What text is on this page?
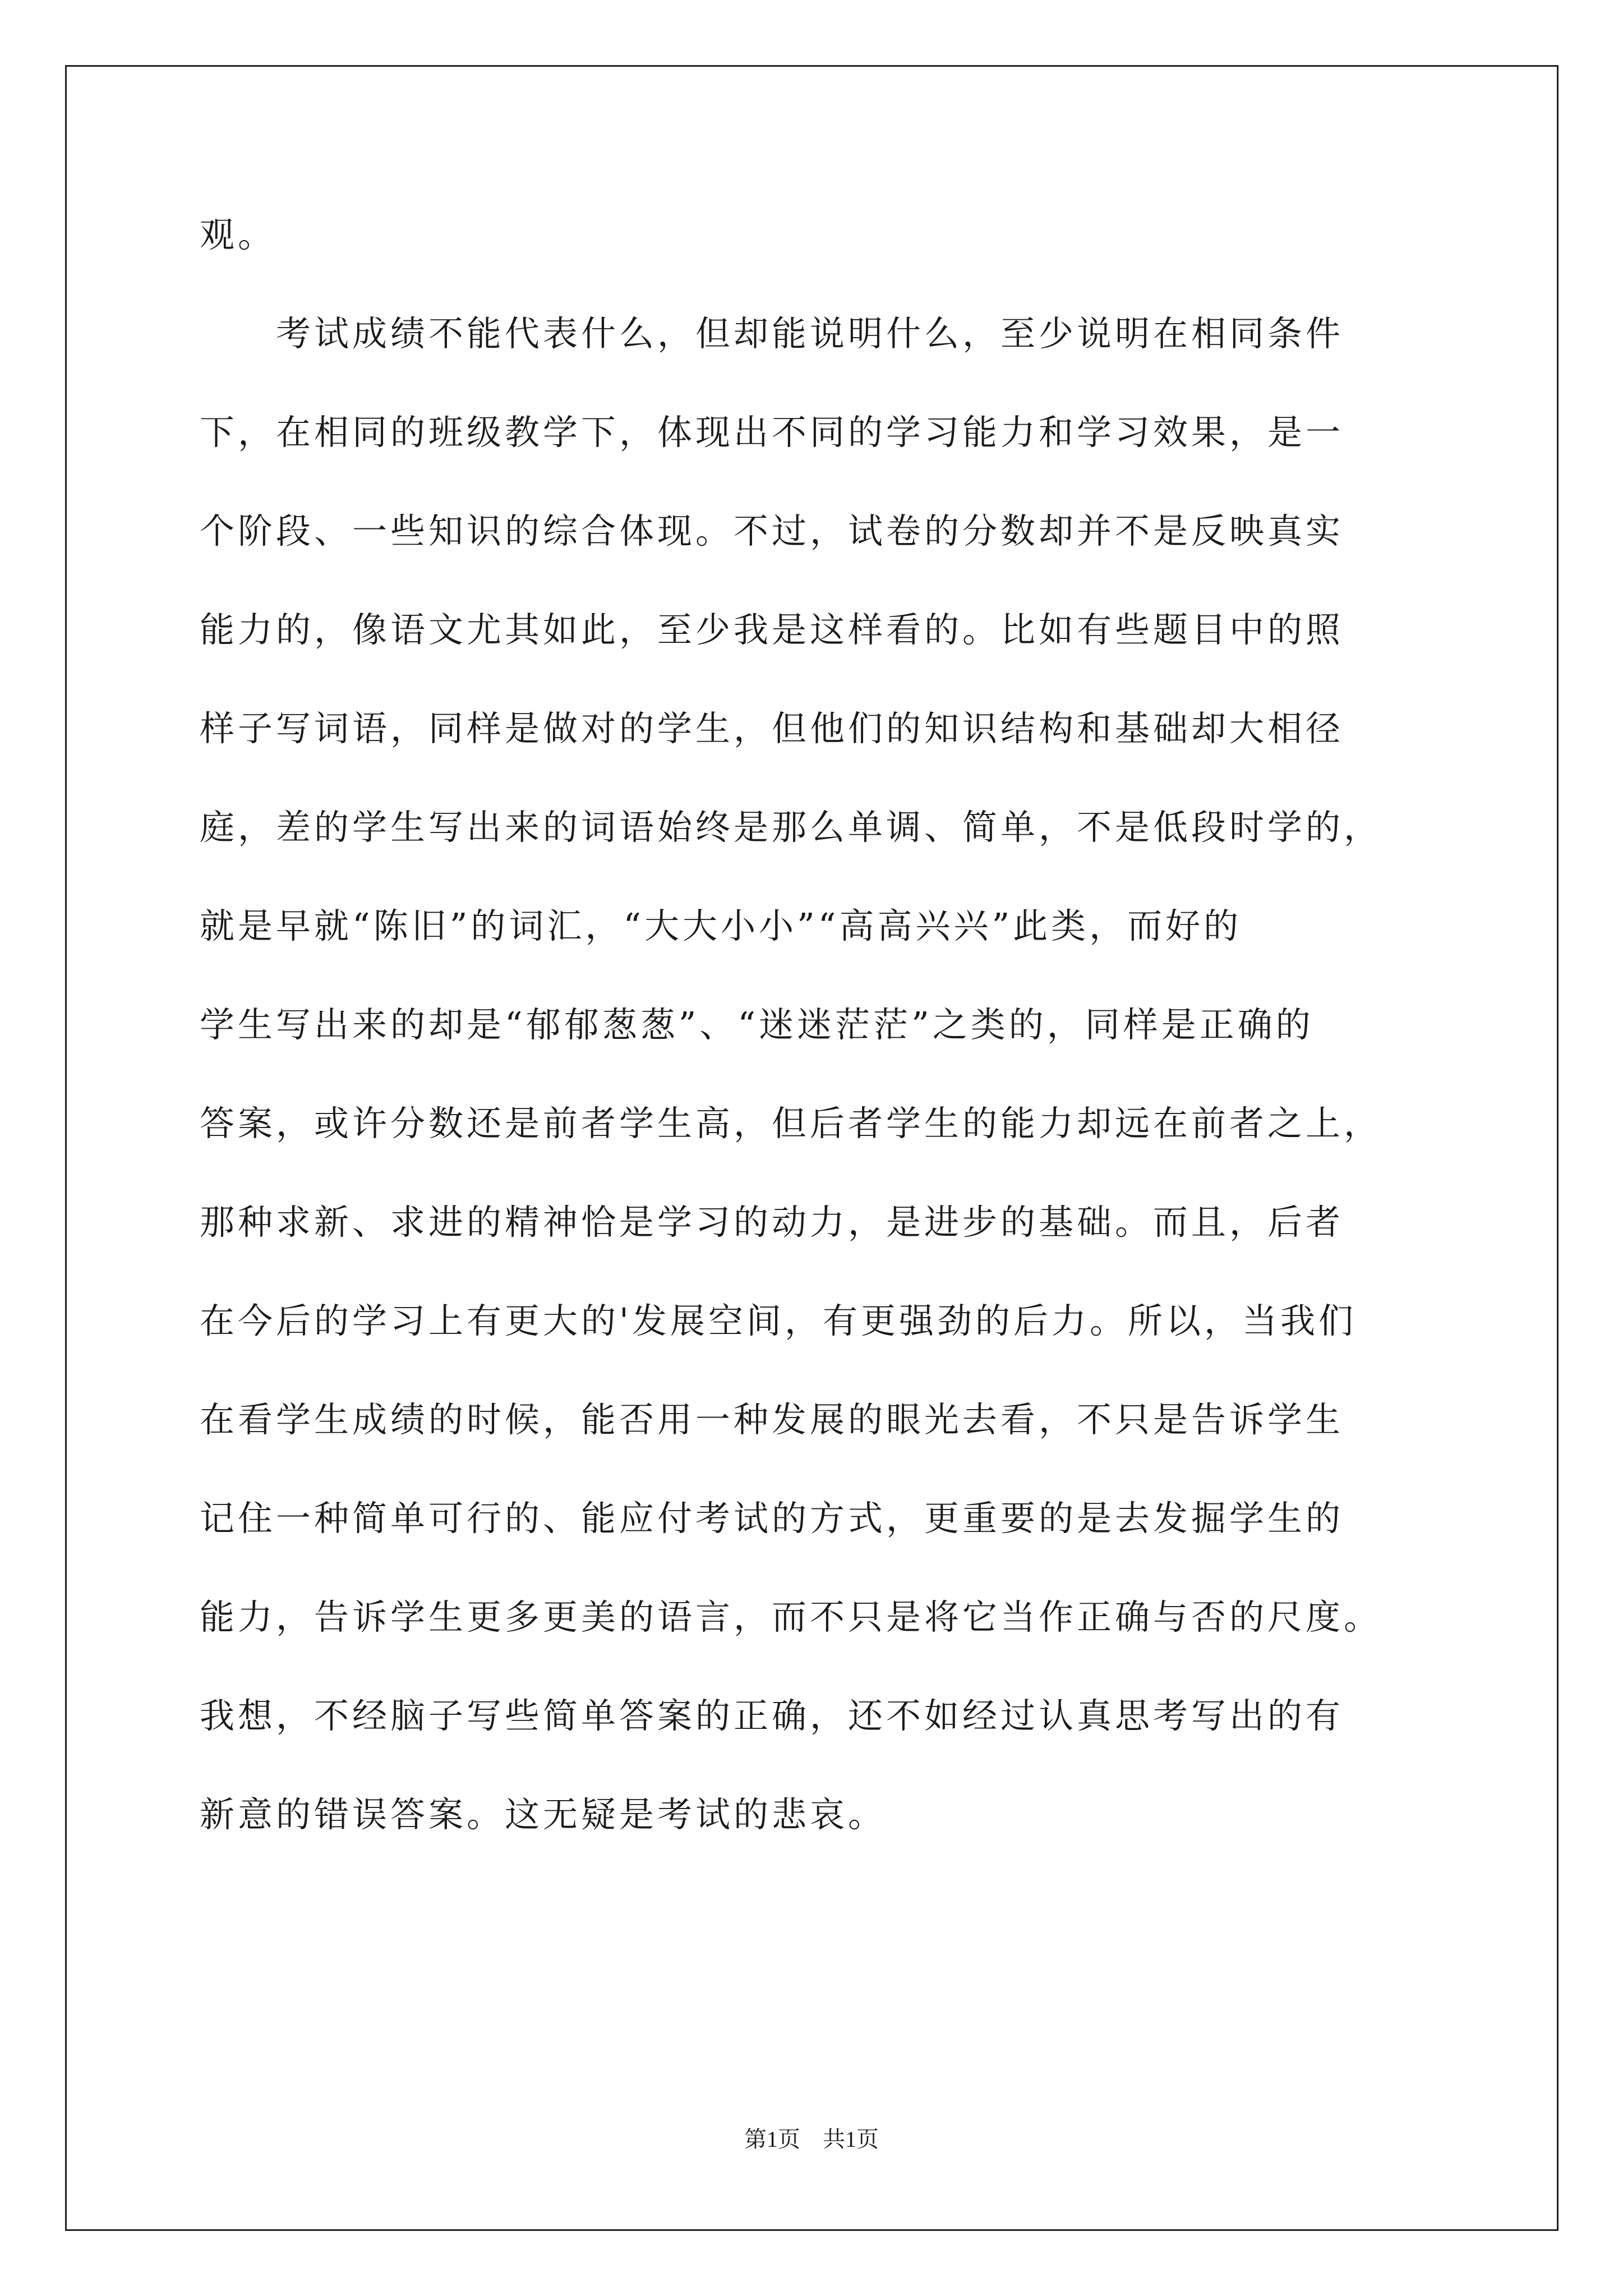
观。
　　考试成绩不能代表什么，但却能说明什么，至少说明在相同条件
下，在相同的班级教学下，体现出不同的学习能力和学习效果，是一
个阶段、一些知识的综合体现。不过，试卷的分数却并不是反映真实
能力的，像语文尤其如此，至少我是这样看的。比如有些题目中的照
样子写词语，同样是做对的学生，但他们的知识结构和基础却大相径
庭，差的学生写出来的词语始终是那么单调、简单，不是低段时学的，
就是早就“陈旧”的词汇，“大大小小”“高高兴兴”此类，而好的
学生写出来的却是“郁郁葱葱”、“迷迷茫茫”之类的，同样是正确的
答案，或许分数还是前者学生高，但后者学生的能力却远在前者之上，
那种求新、求进的精神恰是学习的动力，是进步的基础。而且，后者
在今后的学习上有更大的'发展空间，有更强劲的后力。所以，当我们
在看学生成绩的时候，能否用一种发展的眼光去看，不只是告诉学生
记住一种简单可行的、能应付考试的方式，更重要的是去发掘学生的
能力，告诉学生更多更美的语言，而不只是将它当作正确与否的尺度。
我想，不经脑子写些简单答案的正确，还不如经过认真思考写出的有
新意的错误答案。这无疑是考试的悲哀。
第1页 共1页
